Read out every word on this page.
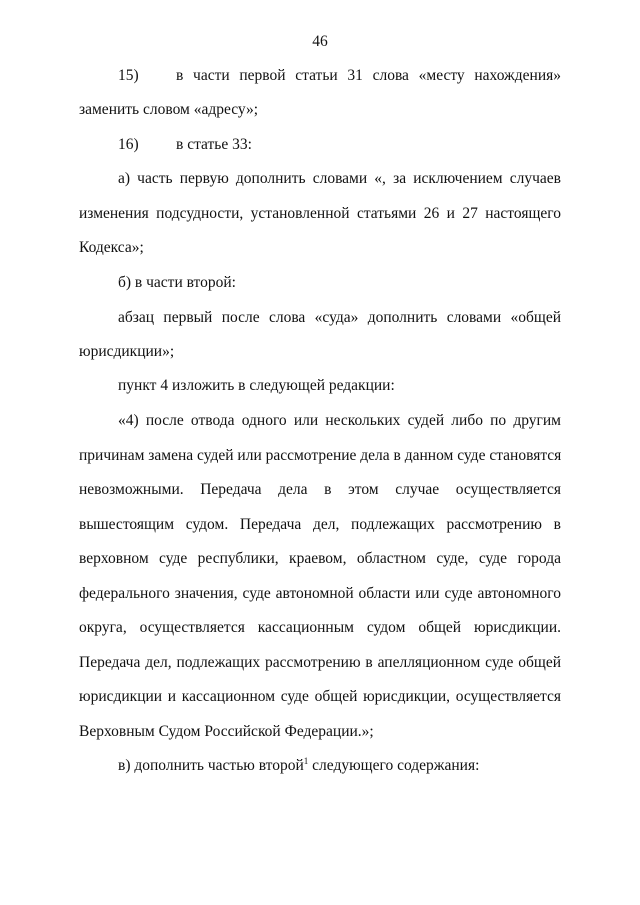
46
15)	в части первой статьи 31 слова «месту нахождения»
заменить словом «адресу»;
16) в статье 33:
а) часть первую дополнить словами «, за исключением случаев
изменения подсудности, установленной статьями 26 и 27 настоящего
Кодекса»;
б) в части второй:
абзац первый после слова «суда» дополнить словами «общей
юрисдикции»;
пункт 4 изложить в следующей редакции:
«4) после отвода одного или нескольких судей либо по другим
причинам замена судей или рассмотрение дела в данном суде становятся
невозможными. Передача дела в этом случае осуществляется
вышестоящим судом. Передача дел, подлежащих рассмотрению в
верховном суде республики, краевом, областном суде, суде города
федерального значения, суде автономной области или суде автономного
округа, осуществляется кассационным судом общей юрисдикции.
Передача дел, подлежащих рассмотрению в апелляционном суде общей
юрисдикции и кассационном суде общей юрисдикции, осуществляется
Верховным Судом Российской Федерации.»;
в) дополнить частью второй$^1$ следующего содержания:
